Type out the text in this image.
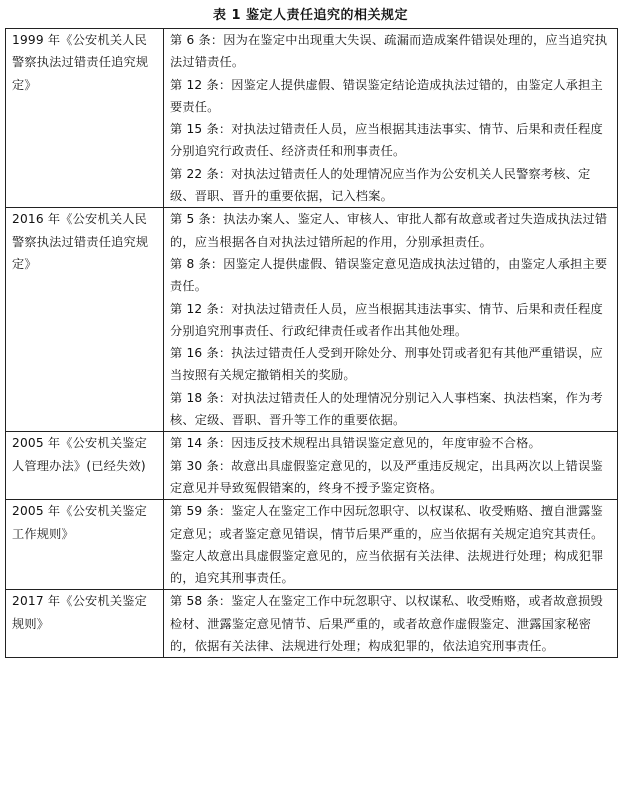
表 1 鉴定人责任追究的相关规定
1999 年《公安机关人民警察执法过错责任追究规定》	第 6 条：因为在鉴定中出现重大失误、疏漏而造成案件错误处理的，应当追究执法过错责任。

第 12 条：因鉴定人提供虚假、错误鉴定结论造成执法过错的，由鉴定人承担主要责任。

第 15 条：对执法过错责任人员，应当根据其违法事实、情节、后果和责任程度分别追究行政责任、经济责任和刑事责任。

第 22 条：对执法过错责任人的处理情况应当作为公安机关人民警察考核、定级、晋职、晋升的重要依据，记入档案。

2016 年《公安机关人民警察执法过错责任追究规定》	第 5 条：执法办案人、鉴定人、审核人、审批人都有故意或者过失造成执法过错的，应当根据各自对执法过错所起的作用，分别承担责任。

第 8 条：因鉴定人提供虚假、错误鉴定意见造成执法过错的，由鉴定人承担主要责任。

第 12 条：对执法过错责任人员，应当根据其违法事实、情节、后果和责任程度分别追究刑事责任、行政纪律责任或者作出其他处理。

第 16 条：执法过错责任人受到开除处分、刑事处罚或者犯有其他严重错误，应当按照有关规定撤销相关的奖励。

第 18 条：对执法过错责任人的处理情况分别记入人事档案、执法档案，作为考核、定级、晋职、晋升等工作的重要依据。

2005 年《公安机关鉴定人管理办法》(已经失效)	第 14 条：因违反技术规程出具错误鉴定意见的，年度审验不合格。

第 30 条：故意出具虚假鉴定意见的，以及严重违反规定，出具两次以上错误鉴定意见并导致冤假错案的，终身不授予鉴定资格。

2005 年《公安机关鉴定工作规则》	第 59 条：鉴定人在鉴定工作中因玩忽职守、以权谋私、收受贿赂、擅自泄露鉴定意见；或者鉴定意见错误，情节后果严重的，应当依据有关规定追究其责任。

鉴定人故意出具虚假鉴定意见的，应当依据有关法律、法规进行处理；构成犯罪的，追究其刑事责任。

2017 年《公安机关鉴定规则》	第 58 条：鉴定人在鉴定工作中玩忽职守、以权谋私、收受贿赂，或者故意损毁检材、泄露鉴定意见情节、后果严重的，或者故意作虚假鉴定、泄露国家秘密的，依据有关法律、法规进行处理；构成犯罪的，依法追究刑事责任。
